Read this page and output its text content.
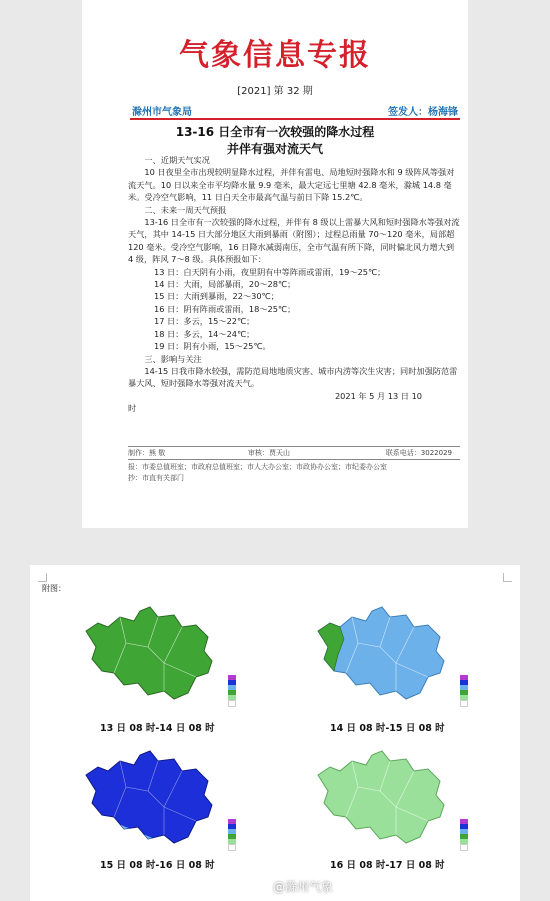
气象信息专报
[2021] 第 32 期
滁州市气象局	签发人：杨海锋
13-16 日全市有一次较强的降水过程
并伴有强对流天气

一、近期天气实况

10 日夜里全市出现较明显降水过程，并伴有雷电、局地短时强降水和 9 级阵风等强对流天气。10 日以来全市平均降水量 9.9 毫米，最大定远七里塘 42.8 毫米，滁城 14.8 毫米。受冷空气影响，11 日白天全市最高气温与前日下降 15.2℃。

二、未来一周天气预报

13-16 日全市有一次较强的降水过程，并伴有 8 级以上雷暴大风和短时强降水等强对流天气，其中 14-15 日大部分地区大雨到暴雨（附图）；过程总雨量 70～120 毫米，局部超 120 毫米。受冷空气影响，16 日降水减弱南压，全市气温有所下降，同时偏北风力增大到 4 级，阵风 7～8 级。具体预报如下：

13 日：白天阴有小雨，夜里阴有中等阵雨或雷雨，19～25℃；

14 日：大雨，局部暴雨，20～28℃；

15 日：大雨到暴雨，22～30℃；

16 日：阴有阵雨或雷雨，18～25℃；

17 日：多云，15～22℃；

18 日：多云，14～24℃；

19 日：阴有小雨，15～25℃。

三、影响与关注

14-15 日我市降水较强，需防范局地地质灾害、城市内涝等次生灾害；同时加强防范雷暴大风、短时强降水等强对流天气。

2021 年 5 月 13 日 10

时

制作：熊 敬	审核：贾天山	联系电话：3022029
报：市委总值班室；市政府总值班室；市人大办公室；市政协办公室；市纪委办公室
抄：市直有关部门
附图：
13 日 08 时-14 日 08 时	14 日 08 时-15 日 08 时
15 日 08 时-16 日 08 时	16 日 08 时-17 日 08 时
@滁州气象
